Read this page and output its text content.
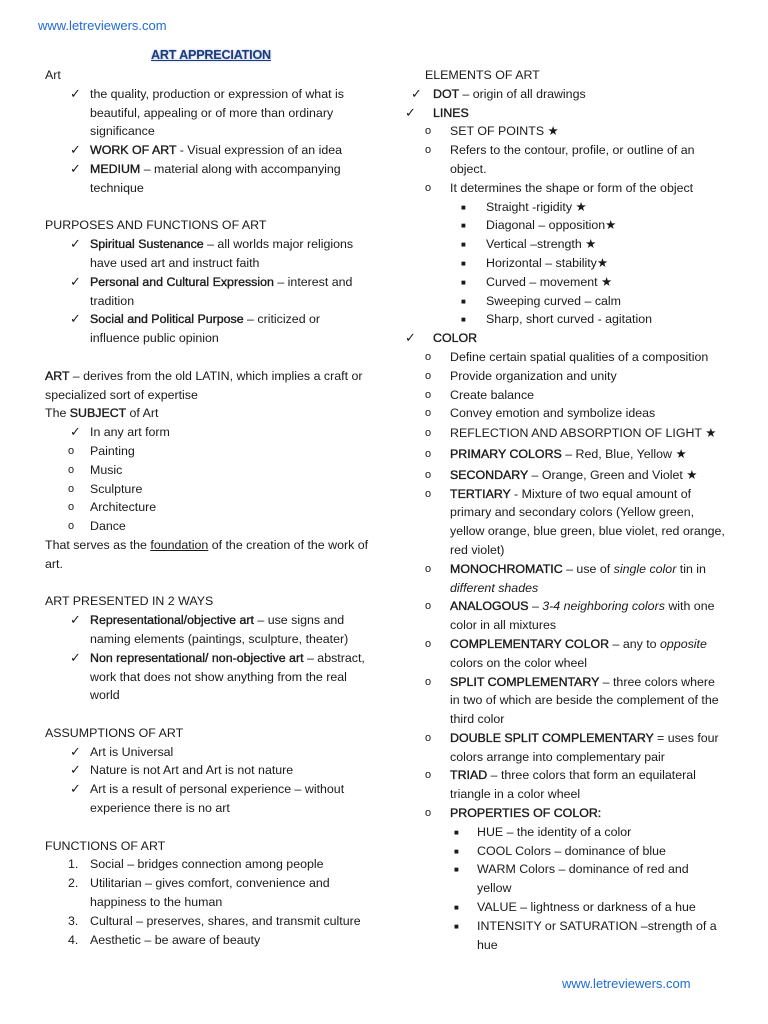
www.letreviewers.com
ART APPRECIATION
Art
✓ the quality, production or expression of what is beautiful, appealing or of more than ordinary significance
✓ WORK OF ART - Visual expression of an idea
✓ MEDIUM – material along with accompanying technique
PURPOSES AND FUNCTIONS OF ART
✓ Spiritual Sustenance – all worlds major religions have used art and instruct faith
✓ Personal and Cultural Expression – interest and tradition
✓ Social and Political Purpose – criticized or influence public opinion
ART – derives from the old LATIN, which implies a craft or specialized sort of expertise
The SUBJECT of Art
✓ In any art form
o Painting
o Music
o Sculpture
o Architecture
o Dance
That serves as the foundation of the creation of the work of art.
ART PRESENTED IN 2 WAYS
✓ Representational/objective art – use signs and naming elements (paintings, sculpture, theater)
✓ Non representational/ non-objective art – abstract, work that does not show anything from the real world
ASSUMPTIONS OF ART
✓ Art is Universal
✓ Nature is not Art and Art is not nature
✓ Art is a result of personal experience – without experience there is no art
FUNCTIONS OF ART
1. Social – bridges connection among people
2. Utilitarian – gives comfort, convenience and happiness to the human
3. Cultural – preserves, shares, and transmit culture
4. Aesthetic – be aware of beauty
ELEMENTS OF ART
✓ DOT – origin of all drawings
✓ LINES
o SET OF POINTS ★
o Refers to the contour, profile, or outline of an object.
o It determines the shape or form of the object
■ Straight -rigidity ★
■ Diagonal – opposition★
■ Vertical –strength ★
■ Horizontal – stability★
■ Curved – movement ★
■ Sweeping curved – calm
■ Sharp, short curved - agitation
✓ COLOR
o Define certain spatial qualities of a composition
o Provide organization and unity
o Create balance
o Convey emotion and symbolize ideas
o REFLECTION AND ABSORPTION OF LIGHT ★
o PRIMARY COLORS – Red, Blue, Yellow ★
o SECONDARY – Orange, Green and Violet ★
o TERTIARY - Mixture of two equal amount of primary and secondary colors (Yellow green, yellow orange, blue green, blue violet, red orange, red violet)
o MONOCHROMATIC – use of single color tin in different shades
o ANALOGOUS – 3-4 neighboring colors with one color in all mixtures
o COMPLEMENTARY COLOR – any to opposite colors on the color wheel
o SPLIT COMPLEMENTARY – three colors where in two of which are beside the complement of the third color
o DOUBLE SPLIT COMPLEMENTARY = uses four colors arrange into complementary pair
o TRIAD – three colors that form an equilateral triangle in a color wheel
o PROPERTIES OF COLOR:
■ HUE – the identity of a color
■ COOL Colors – dominance of blue
■ WARM Colors – dominance of red and yellow
■ VALUE – lightness or darkness of a hue
■ INTENSITY or SATURATION –strength of a hue
www.letreviewers.com
